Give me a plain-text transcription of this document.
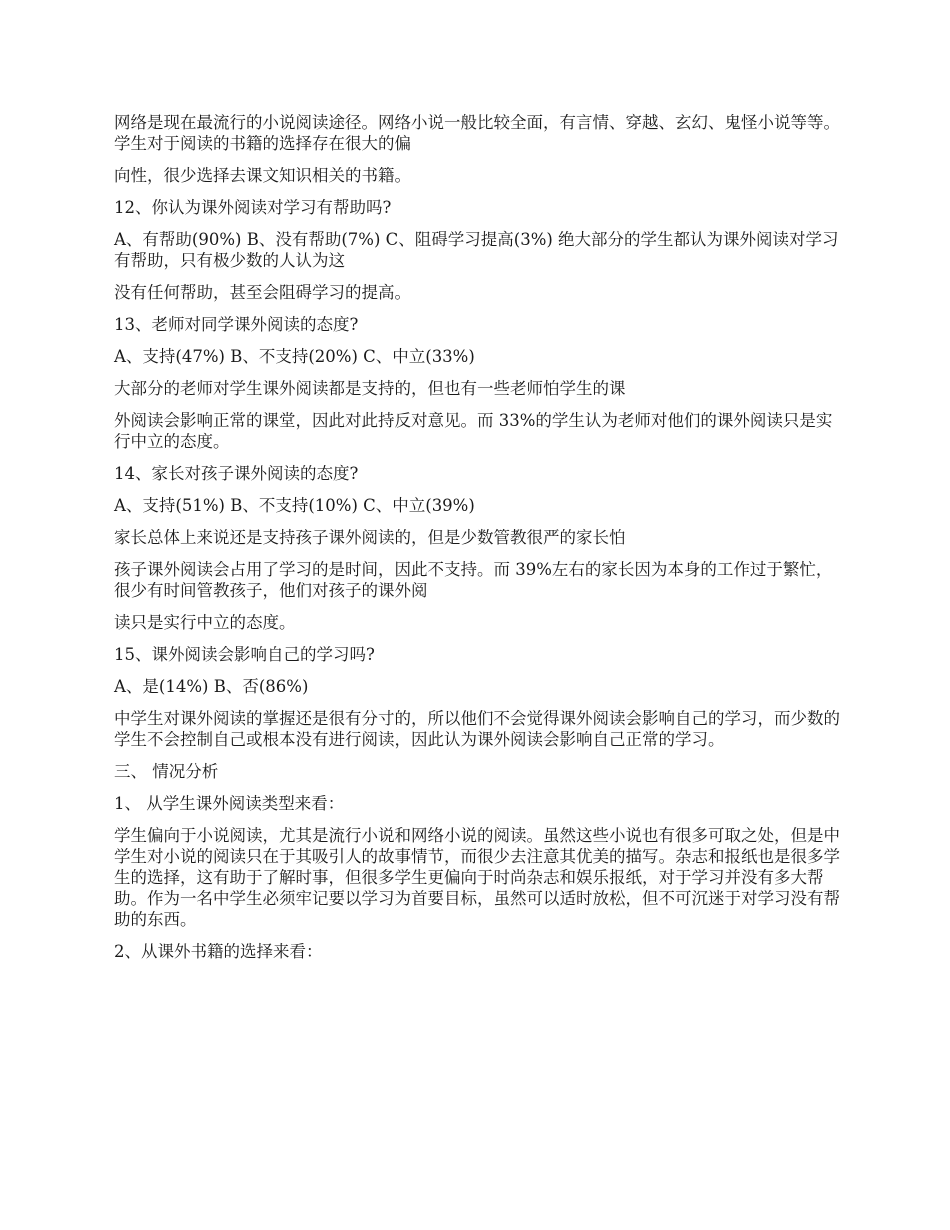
网络是现在最流行的小说阅读途径。网络小说一般比较全面，有言情、穿越、玄幻、鬼怪小说等等。学生对于阅读的书籍的选择存在很大的偏

向性，很少选择去课文知识相关的书籍。

12、你认为课外阅读对学习有帮助吗?

A、有帮助(90%) B、没有帮助(7%) C、阻碍学习提高(3%) 绝大部分的学生都认为课外阅读对学习有帮助，只有极少数的人认为这

没有任何帮助，甚至会阻碍学习的提高。

13、老师对同学课外阅读的态度?

A、支持(47%) B、不支持(20%) C、中立(33%)

大部分的老师对学生课外阅读都是支持的，但也有一些老师怕学生的课

外阅读会影响正常的课堂，因此对此持反对意见。而 33%的学生认为老师对他们的课外阅读只是实行中立的态度。

14、家长对孩子课外阅读的态度?

A、支持(51%) B、不支持(10%) C、中立(39%)

家长总体上来说还是支持孩子课外阅读的，但是少数管教很严的家长怕

孩子课外阅读会占用了学习的是时间，因此不支持。而 39%左右的家长因为本身的工作过于繁忙，很少有时间管教孩子，他们对孩子的课外阅

读只是实行中立的态度。

15、课外阅读会影响自己的学习吗?

A、是(14%) B、否(86%)

中学生对课外阅读的掌握还是很有分寸的，所以他们不会觉得课外阅读会影响自己的学习，而少数的学生不会控制自己或根本没有进行阅读，因此认为课外阅读会影响自己正常的学习。

三、 情况分析

1、 从学生课外阅读类型来看：

学生偏向于小说阅读，尤其是流行小说和网络小说的阅读。虽然这些小说也有很多可取之处，但是中学生对小说的阅读只在于其吸引人的故事情节，而很少去注意其优美的描写。杂志和报纸也是很多学生的选择，这有助于了解时事，但很多学生更偏向于时尚杂志和娱乐报纸，对于学习并没有多大帮助。作为一名中学生必须牢记要以学习为首要目标，虽然可以适时放松，但不可沉迷于对学习没有帮助的东西。

2、从课外书籍的选择来看：
